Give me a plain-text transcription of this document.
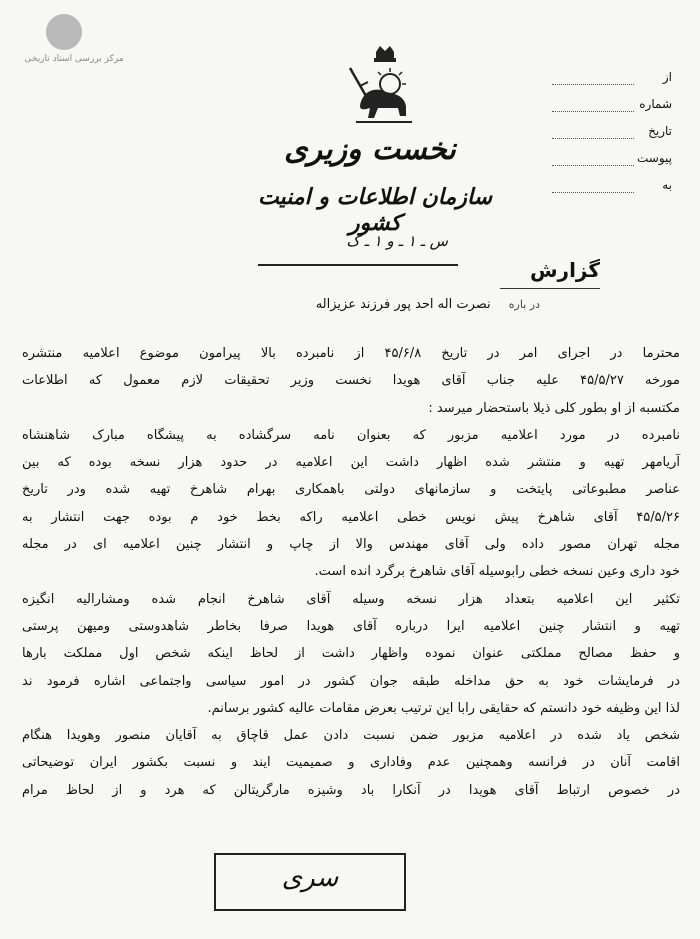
مرکز بررسی اسناد تاریخی
نخست وزیری
سازمان اطلاعات و امنیت کشور
س ـ ۱ ـ و ۱ ـ ک
از
شماره
تاریخ
پیوست
به
گزارش
در باره نصرت اله احد پور فرزند عزیزاله

محترما در اجرای امر در تاریخ ۴۵/۶/۸ از نامبرده بالا پیرامون موضوع اعلامیه منتشره

مورخه ۴۵/۵/۲۷ علیه جناب آقای هویدا نخست وزیر تحقیقات لازم معمول که اطلاعات

مکتسبه از او بطور کلی ذیلا باستحضار میرسد :

نامبرده در مورد اعلامیه مزبور که بعنوان نامه سرگشاده به پیشگاه مبارک شاهنشاه

آریامهر تهیه و منتشر شده اظهار داشت این اعلامیه در حدود هزار نسخه بوده که بین

عناصر مطبوعاتی پایتخت و سازمانهای دولتی باهمکاری بهرام شاهرخ تهیه شده ودر تاریخ

۴۵/۵/۲۶ آقای شاهرخ پیش نویس خطی اعلامیه راکه بخط خود م بوده جهت انتشار به

مجله تهران مصور داده ولی آقای مهندس والا از چاپ و انتشار چنین اعلامیه ای در مجله

خود داری وعین نسخه خطی رابوسیله آقای شاهرخ برگرد انده است.

تکثیر این اعلامیه بتعداد هزار نسخه وسیله آقای شاهرخ انجام شده ومشارالیه انگیزه

تهیه و انتشار چنین اعلامیه ایرا درباره آقای هویدا صرفا بخاطر شاهدوستی ومیهن پرستی

و حفظ مصالح مملکتی عنوان نموده واظهار داشت از لحاظ اینکه شخص اول مملکت بارها

در فرمایشات خود به حق مداخله طبقه جوان کشور در امور سیاسی واجتماعی اشاره فرمود ند

لذا این وظیفه خود دانستم که حقایقی رابا این ترتیب بعرض مقامات عالیه کشور برسانم.

شخص یاد شده در اعلامیه مزبور ضمن نسبت دادن عمل قاچاق به آقایان منصور وهویدا هنگام

اقامت آنان در فرانسه وهمچنین عدم وفاداری و صمیمیت ایند و نسبت بکشور ایران توضیحاتی

در خصوص ارتباط آقای هویدا در آنکارا باد وشیزه مارگریتالن که هرد و از لحاظ مرام

سری
